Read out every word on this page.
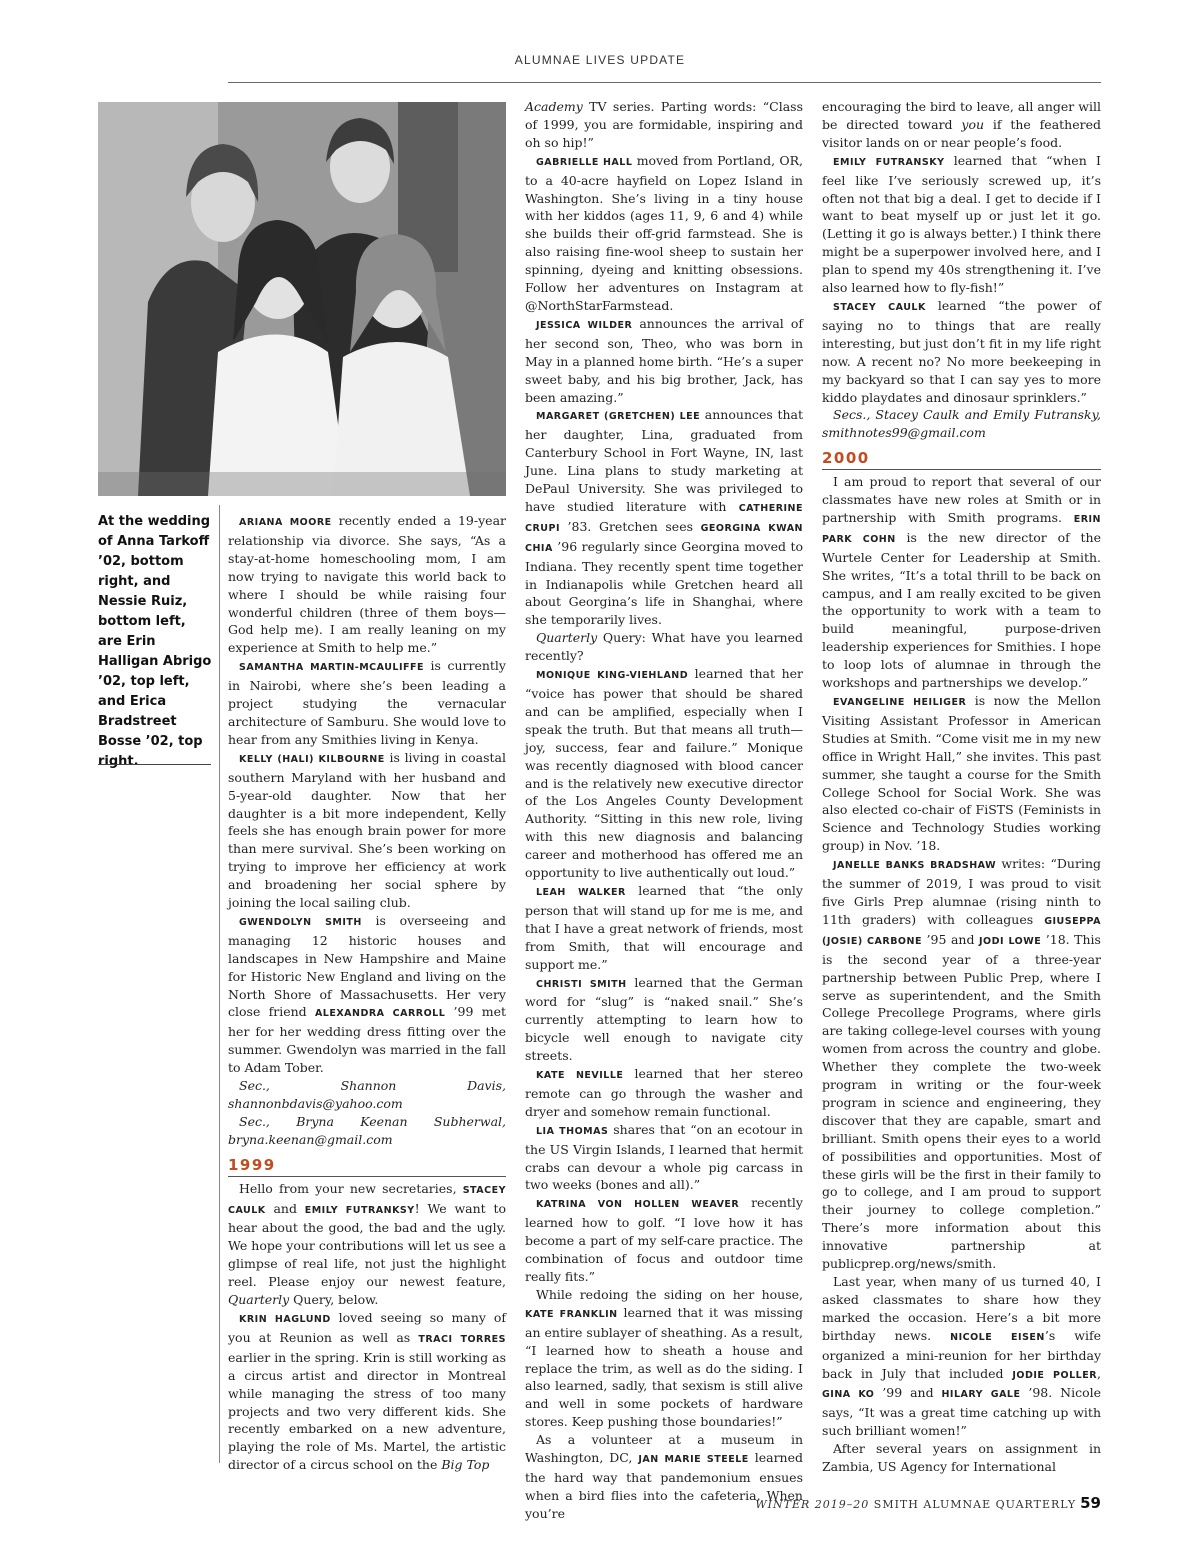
ALUMNAE LIVES UPDATE
At the wedding of Anna Tarkoff ’02, bottom right, and Nessie Ruiz, bottom left, are Erin Halligan Abrigo ’02, top left, and Erica Bradstreet Bosse ’02, top right.

ARIANA MOORE recently ended a 19-year relationship via divorce. She says, “As a stay-at-home homeschooling mom, I am now trying to navigate this world back to where I should be while raising four wonderful children (three of them boys—God help me). I am really leaning on my experience at Smith to help me.”

SAMANTHA MARTIN-MCAULIFFE is currently in Nairobi, where she’s been leading a project studying the vernacular architecture of Samburu. She would love to hear from any Smithies living in Kenya.

KELLY (HALI) KILBOURNE is living in coastal southern Maryland with her husband and 5-year-old daughter. Now that her daughter is a bit more independent, Kelly feels she has enough brain power for more than mere survival. She’s been working on trying to improve her efficiency at work and broadening her social sphere by joining the local sailing club.

GWENDOLYN SMITH is overseeing and managing 12 historic houses and landscapes in New Hampshire and Maine for Historic New England and living on the North Shore of Massachusetts. Her very close friend ALEXANDRA CARROLL ’99 met her for her wedding dress fitting over the summer. Gwendolyn was married in the fall to Adam Tober.

Sec., Shannon Davis, shannonbdavis@yahoo.com

Sec., Bryna Keenan Subherwal, bryna.keenan@gmail.com

1999

Hello from your new secretaries, STACEY CAULK and EMILY FUTRANKSY! We want to hear about the good, the bad and the ugly. We hope your contributions will let us see a glimpse of real life, not just the highlight reel. Please enjoy our newest feature, Quarterly Query, below.

KRIN HAGLUND loved seeing so many of you at Reunion as well as TRACI TORRES earlier in the spring. Krin is still working as a circus artist and director in Montreal while managing the stress of too many projects and two very different kids. She recently embarked on a new adventure, playing the role of Ms. Martel, the artistic director of a circus school on the Big Top

Academy TV series. Parting words: “Class of 1999, you are formidable, inspiring and oh so hip!”

GABRIELLE HALL moved from Portland, OR, to a 40-acre hayfield on Lopez Island in Washington. She’s living in a tiny house with her kiddos (ages 11, 9, 6 and 4) while she builds their off-grid farmstead. She is also raising fine-wool sheep to sustain her spinning, dyeing and knitting obsessions. Follow her adventures on Instagram at @NorthStarFarmstead.

JESSICA WILDER announces the arrival of her second son, Theo, who was born in May in a planned home birth. “He’s a super sweet baby, and his big brother, Jack, has been amazing.”

MARGARET (GRETCHEN) LEE announces that her daughter, Lina, graduated from Canterbury School in Fort Wayne, IN, last June. Lina plans to study marketing at DePaul University. She was privileged to have studied literature with CATHERINE CRUPI ’83. Gretchen sees GEORGINA KWAN CHIA ’96 regularly since Georgina moved to Indiana. They recently spent time together in Indianapolis while Gretchen heard all about Georgina’s life in Shanghai, where she temporarily lives.

Quarterly Query: What have you learned recently?

MONIQUE KING-VIEHLAND learned that her “voice has power that should be shared and can be amplified, especially when I speak the truth. But that means all truth—joy, success, fear and failure.” Monique was recently diagnosed with blood cancer and is the relatively new executive director of the Los Angeles County Development Authority. “Sitting in this new role, living with this new diagnosis and balancing career and motherhood has offered me an opportunity to live authentically out loud.”

LEAH WALKER learned that “the only person that will stand up for me is me, and that I have a great network of friends, most from Smith, that will encourage and support me.”

CHRISTI SMITH learned that the German word for “slug” is “naked snail.” She’s currently attempting to learn how to bicycle well enough to navigate city streets.

KATE NEVILLE learned that her stereo remote can go through the washer and dryer and somehow remain functional.

LIA THOMAS shares that “on an ecotour in the US Virgin Islands, I learned that hermit crabs can devour a whole pig carcass in two weeks (bones and all).”

KATRINA VON HOLLEN WEAVER recently learned how to golf. “I love how it has become a part of my self-care practice. The combination of focus and outdoor time really fits.”

While redoing the siding on her house, KATE FRANKLIN learned that it was missing an entire sublayer of sheathing. As a result, “I learned how to sheath a house and replace the trim, as well as do the siding. I also learned, sadly, that sexism is still alive and well in some pockets of hardware stores. Keep pushing those boundaries!”

As a volunteer at a museum in Washington, DC, JAN MARIE STEELE learned the hard way that pandemonium ensues when a bird flies into the cafeteria. When you’re

encouraging the bird to leave, all anger will be directed toward you if the feathered visitor lands on or near people’s food.

EMILY FUTRANSKY learned that “when I feel like I’ve seriously screwed up, it’s often not that big a deal. I get to decide if I want to beat myself up or just let it go. (Letting it go is always better.) I think there might be a superpower involved here, and I plan to spend my 40s strengthening it. I’ve also learned how to fly-fish!”

STACEY CAULK learned “the power of saying no to things that are really interesting, but just don’t fit in my life right now. A recent no? No more beekeeping in my backyard so that I can say yes to more kiddo playdates and dinosaur sprinklers.”

Secs., Stacey Caulk and Emily Futransky, smithnotes99@gmail.com

2000

I am proud to report that several of our classmates have new roles at Smith or in partnership with Smith programs. ERIN PARK COHN is the new director of the Wurtele Center for Leadership at Smith. She writes, “It’s a total thrill to be back on campus, and I am really excited to be given the opportunity to work with a team to build meaningful, purpose-driven leadership experiences for Smithies. I hope to loop lots of alumnae in through the workshops and partnerships we develop.”

EVANGELINE HEILIGER is now the Mellon Visiting Assistant Professor in American Studies at Smith. “Come visit me in my new office in Wright Hall,” she invites. This past summer, she taught a course for the Smith College School for Social Work. She was also elected co-chair of FiSTS (Feminists in Science and Technology Studies working group) in Nov. ’18.

JANELLE BANKS BRADSHAW writes: “During the summer of 2019, I was proud to visit five Girls Prep alumnae (rising ninth to 11th graders) with colleagues GIUSEPPA (JOSIE) CARBONE ’95 and JODI LOWE ’18. This is the second year of a three-year partnership between Public Prep, where I serve as superintendent, and the Smith College Precollege Programs, where girls are taking college-level courses with young women from across the country and globe. Whether they complete the two-week program in writing or the four-week program in science and engineering, they discover that they are capable, smart and brilliant. Smith opens their eyes to a world of possibilities and opportunities. Most of these girls will be the first in their family to go to college, and I am proud to support their journey to college completion.” There’s more information about this innovative partnership at publicprep.org/news/smith.

Last year, when many of us turned 40, I asked classmates to share how they marked the occasion. Here’s a bit more birthday news. NICOLE EISEN’s wife organized a mini-reunion for her birthday back in July that included JODIE POLLER, GINA KO ’99 and HILARY GALE ’98. Nicole says, “It was a great time catching up with such brilliant women!”

After several years on assignment in Zambia, US Agency for International

WINTER 2019–20 SMITH ALUMNAE QUARTERLY 59
